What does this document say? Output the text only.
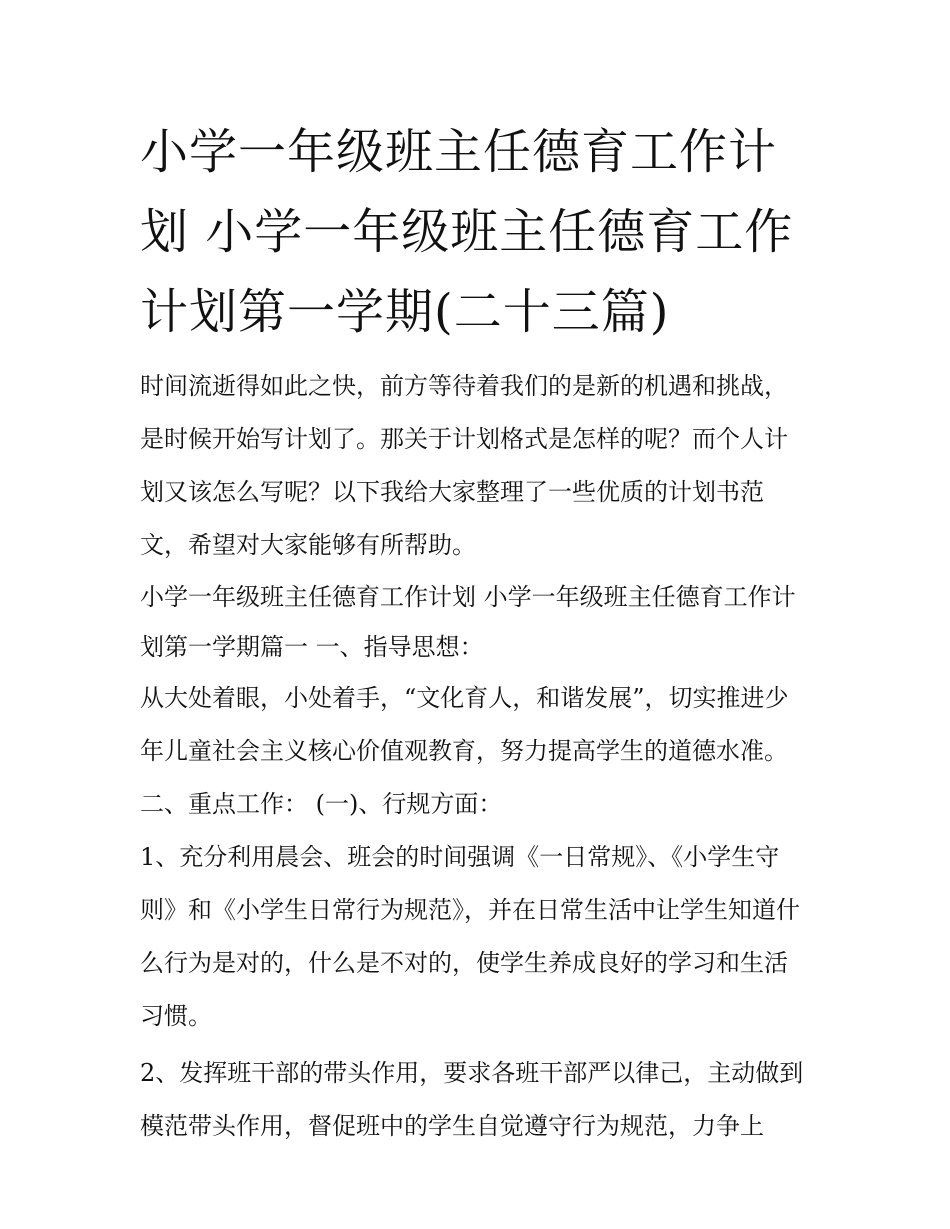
小学一年级班主任德育工作计划 小学一年级班主任德育工作计划第一学期(二十三篇)

时间流逝得如此之快，前方等待着我们的是新的机遇和挑战，是时候开始写计划了。那关于计划格式是怎样的呢？而个人计划又该怎么写呢？以下我给大家整理了一些优质的计划书范文，希望对大家能够有所帮助。

小学一年级班主任德育工作计划 小学一年级班主任德育工作计划第一学期篇一 一、指导思想：

从大处着眼，小处着手，“文化育人，和谐发展”，切实推进少年儿童社会主义核心价值观教育，努力提高学生的道德水准。

二、重点工作： (一)、行规方面：

1、充分利用晨会、班会的时间强调《一日常规》、《小学生守则》和《小学生日常行为规范》，并在日常生活中让学生知道什么行为是对的，什么是不对的，使学生养成良好的学习和生活习惯。

2、发挥班干部的带头作用，要求各班干部严以律己，主动做到模范带头作用，督促班中的学生自觉遵守行为规范，力争上
